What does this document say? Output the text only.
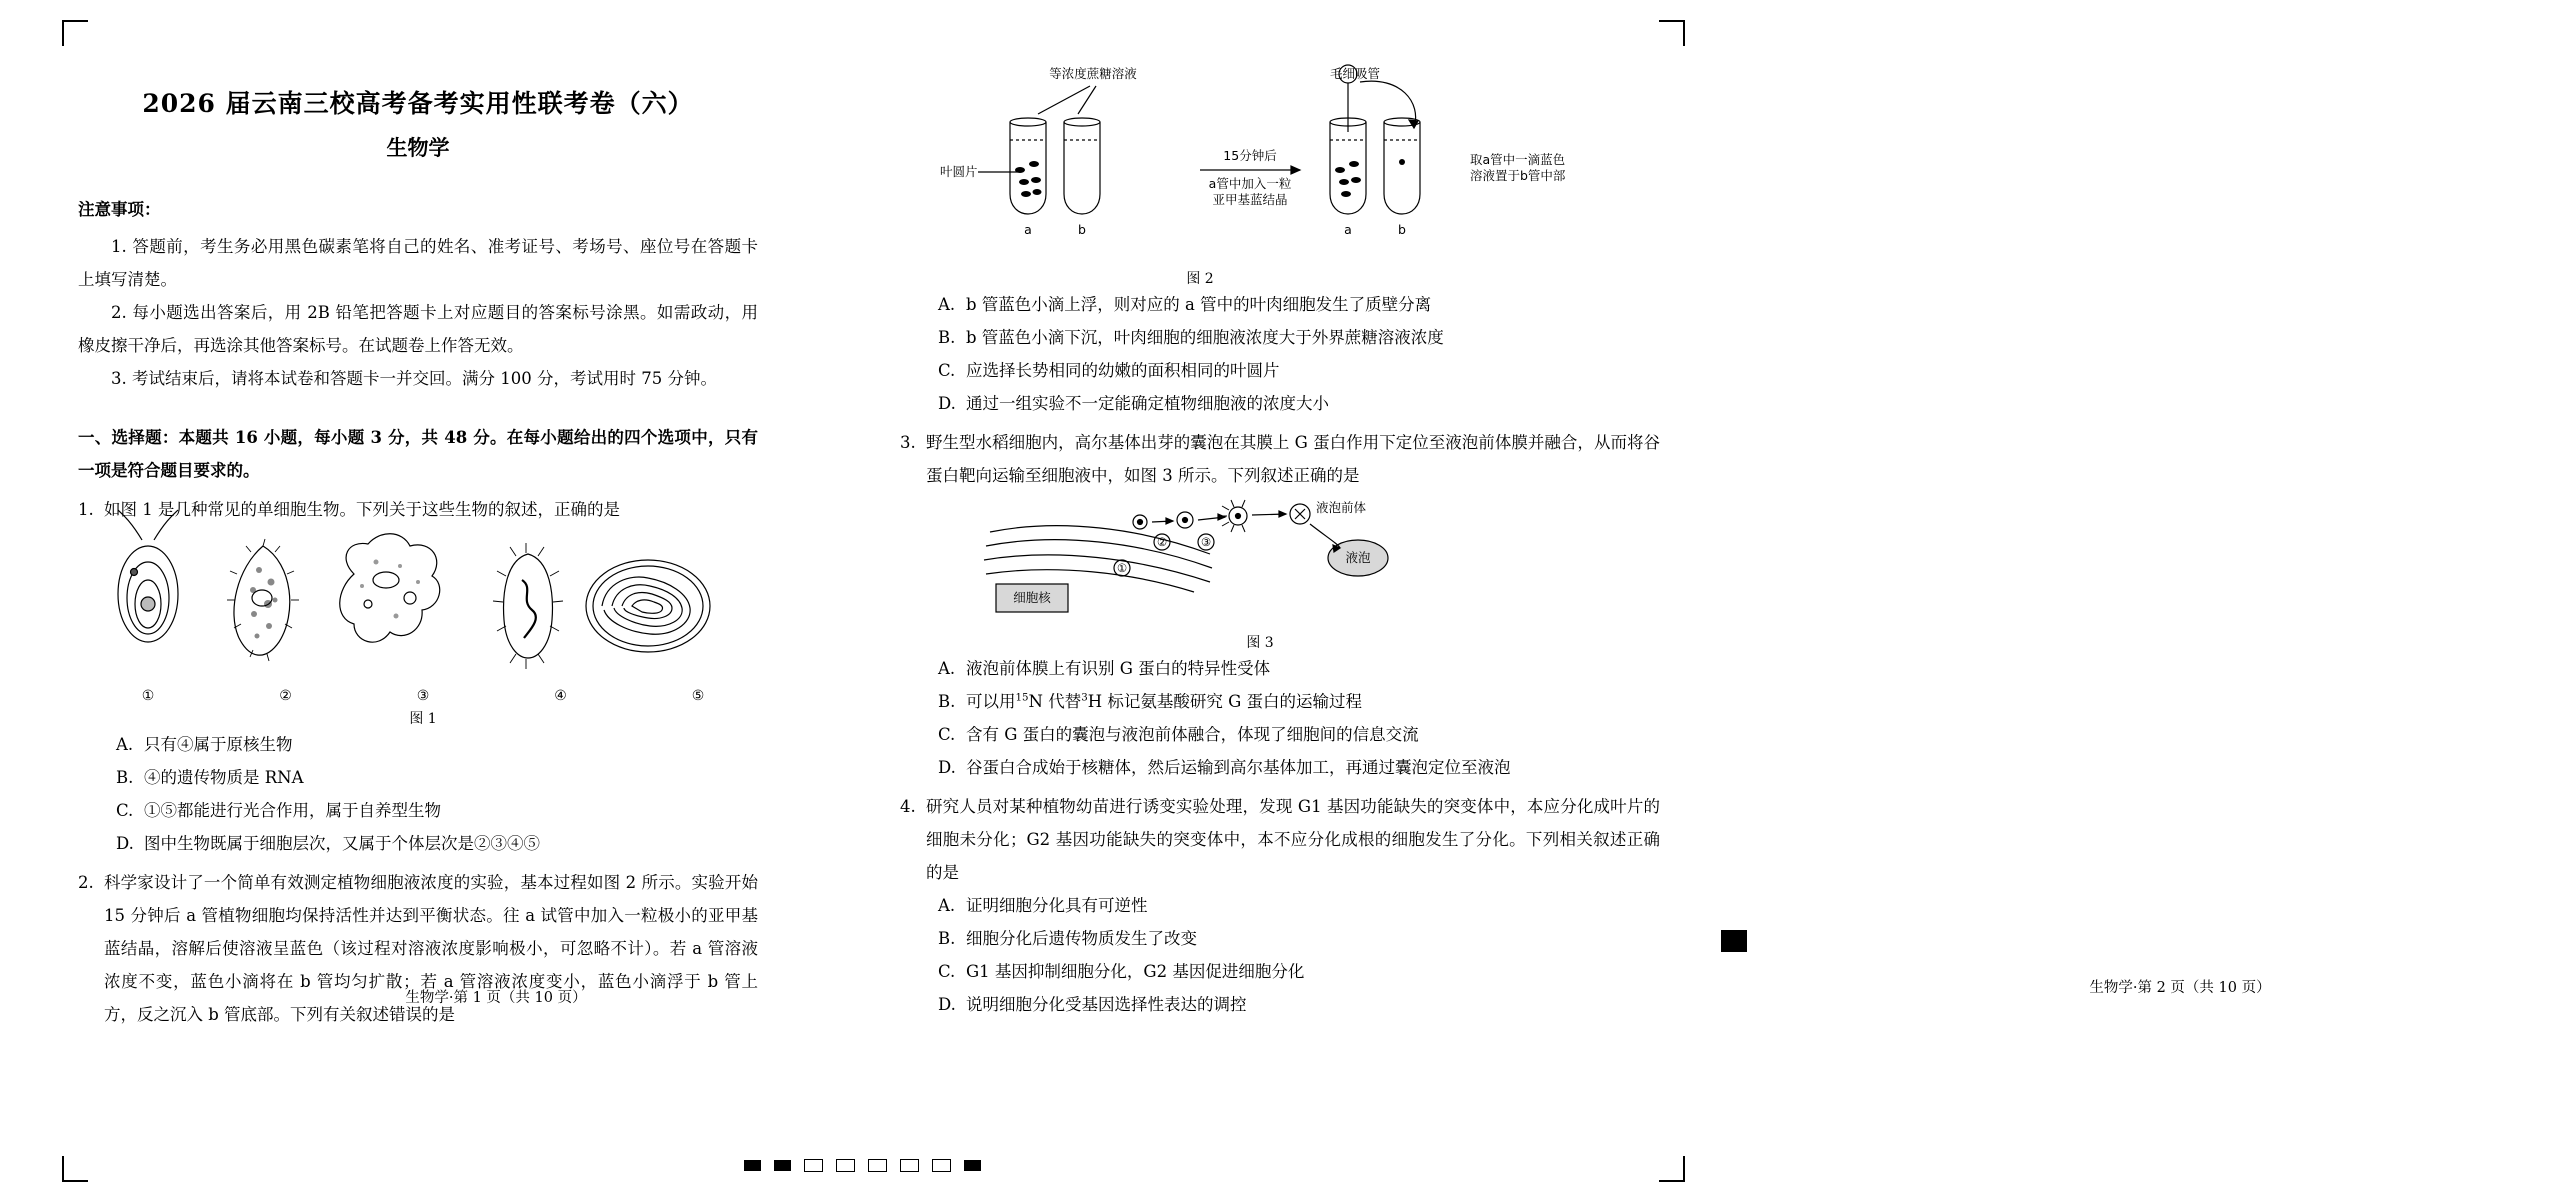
2026 届云南三校高考备考实用性联考卷（六）
生物学
注意事项：

1. 答题前，考生务必用黑色碳素笔将自己的姓名、准考证号、考场号、座位号在答题卡上填写清楚。

2. 每小题选出答案后，用 2B 铅笔把答题卡上对应题目的答案标号涂黑。如需政动，用橡皮擦干净后，再选涂其他答案标号。在试题卷上作答无效。

3. 考试结束后，请将本试卷和答题卡一并交回。满分 100 分，考试用时 75 分钟。

一、选择题：本题共 16 小题，每小题 3 分，共 48 分。在每小题给出的四个选项中，只有一项是符合题目要求的。
1. 如图 1 是几种常见的单细胞生物。下列关于这些生物的叙述，正确的是
①	②	③	④	⑤
图 1
A. 只有④属于原核生物
B. ④的遗传物质是 RNA
C. ①⑤都能进行光合作用，属于自养型生物
D. 图中生物既属于细胞层次，又属于个体层次是②③④⑤
2. 科学家设计了一个简单有效测定植物细胞液浓度的实验，基本过程如图 2 所示。实验开始 15 分钟后 a 管植物细胞均保持活性并达到平衡状态。往 a 试管中加入一粒极小的亚甲基蓝结晶，溶解后使溶液呈蓝色（该过程对溶液浓度影响极小，可忽略不计）。若 a 管溶液浓度不变，蓝色小滴将在 b 管均匀扩散；若 a 管溶液浓度变小，蓝色小滴浮于 b 管上方，反之沉入 b 管底部。下列有关叙述错误的是
生物学·第 1 页（共 10 页）
a	b	a	b
等浓度蔗糖溶液	毛细吸管
叶圆片
15分钟后
a管中加入一粒
亚甲基蓝结晶
取a管中一滴蓝色
溶液置于b管中部
图 2
A. b 管蓝色小滴上浮，则对应的 a 管中的叶肉细胞发生了质壁分离
B. b 管蓝色小滴下沉，叶肉细胞的细胞液浓度大于外界蔗糖溶液浓度
C. 应选择长势相同的幼嫩的面积相同的叶圆片
D. 通过一组实验不一定能确定植物细胞液的浓度大小
3. 野生型水稻细胞内，高尔基体出芽的囊泡在其膜上 G 蛋白作用下定位至液泡前体膜并融合，从而将谷蛋白靶向运输至细胞液中，如图 3 所示。下列叙述正确的是
②	③
①
细胞核
液泡前体
液泡
图 3
A. 液泡前体膜上有识别 G 蛋白的特异性受体
B. 可以用$^{15}$N 代替$^3$H 标记氨基酸研究 G 蛋白的运输过程
C. 含有 G 蛋白的囊泡与液泡前体融合，体现了细胞间的信息交流
D. 谷蛋白合成始于核糖体，然后运输到高尔基体加工，再通过囊泡定位至液泡
4. 研究人员对某种植物幼苗进行诱变实验处理，发现 G1 基因功能缺失的突变体中，本应分化成叶片的细胞未分化；G2 基因功能缺失的突变体中，本不应分化成根的细胞发生了分化。下列相关叙述正确的是
A. 证明细胞分化具有可逆性
B. 细胞分化后遗传物质发生了改变
C. G1 基因抑制细胞分化，G2 基因促进细胞分化
D. 说明细胞分化受基因选择性表达的调控
生物学·第 2 页（共 10 页）
